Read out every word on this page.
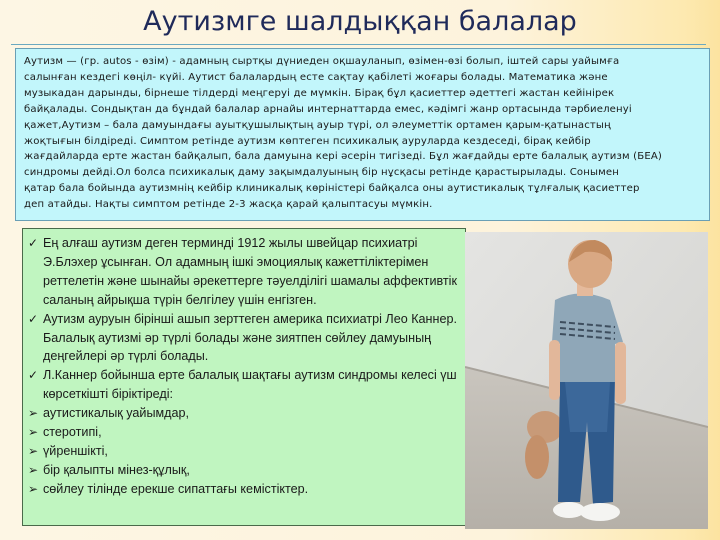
Аутизмге шалдыққан балалар
Аутизм — (гр. autos - өзім) - адамның сыртқы дүниеден оқшауланып, өзімен-өзі болып, іштей сары уайымға
салынған кездегі көңіл- күйі. Аутист балалардың есте сақтау қабілеті жоғары болады. Математика және
музыкадан дарынды, бірнеше тілдерді меңгеруі де мүмкін. Бірақ бұл қасиеттер әдеттегі жастан кейінірек
байқалады. Сондықтан да бұндай балалар арнайы интернаттарда емес, кәдімгі жанр ортасында тәрбиеленуі
қажет,Аутизм – бала дамуындағы ауытқушылықтың ауыр түрі, ол әлеуметтік ортамен қарым-қатынастың
жоқтығын білдіреді. Симптом ретінде аутизм көптеген психикалық ауруларда кездеседі, бірақ кейбір
жағдайларда ерте жастан байқалып, бала дамуына кері әсерін тигізеді. Бұл жағдайды ерте балалық аутизм (БЕА)
синдромы дейді.Ол болса психикалық даму зақымдалуының бір нұсқасы ретінде қарастырылады. Сонымен
қатар бала бойында аутизмнің кейбір клиникалық көріністері байқалса оны аутистикалық тұлғалық қасиеттер
деп атайды. Нақты симптом ретінде 2-3 жасқа қарай қалыптасуы мүмкін.
✓ Ең алғаш аутизм деген терминді 1912 жылы швейцар психиатрі Э.Блэхер ұсынған. Ол адамның ішкі эмоциялық кажеттіліктерімен реттелетін және шынайы әрекеттерге тәуелділігі шамалы аффективтік саланың айрықша түрін белгілеу үшін енгізген.
✓ Аутизм ауруын бірінші ашып зерттеген америка психиатрі Лео Каннер. Балалық аутизмі әр түрлі болады және зиятпен сөйлеу дамуының деңгейлері әр түрлі болады.
✓ Л.Каннер бойынша ерте балалық шақтағы аутизм синдромы келесі үш көрсеткішті біріктіреді:
➢ аутистикалық уайымдар,
➢ стеротипі,
➢ үйреншікті,
➢ бір қалыпты мінез-құлық,
➢ сөйлеу тілінде ерекше сипаттағы кемістіктер.
